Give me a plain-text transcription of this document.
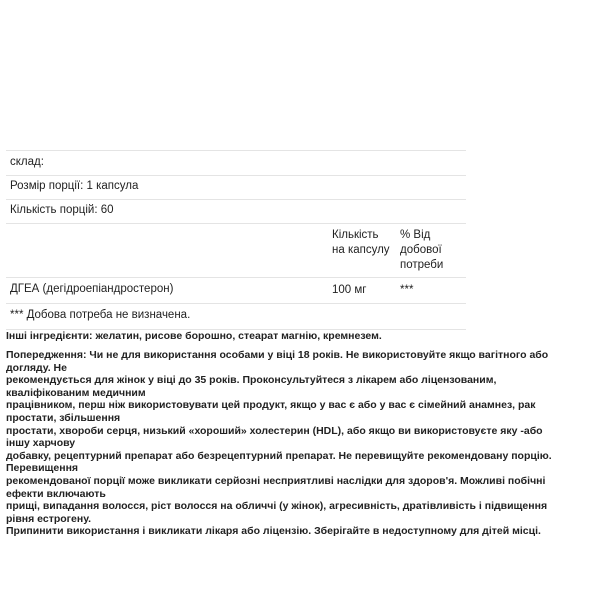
склад:
Розмір порції: 1 капсула
Кількість порцій: 60
Кількість на капсулу
% Від добової потреби
ДГЕА (дегідроепіандростерон)	100 мг	***
*** Добова потреба не визначена.
Інші інгредієнти: желатин, рисове борошно, стеарат магнію, кремнезем.
Попередження: Чи не для використання особами у віці 18 років. Не використовуйте якщо вагітного або догляду. Не
рекомендується для жінок у віці до 35 років. Проконсультуйтеся з лікарем або ліцензованим, кваліфікованим медичним
працівником, перш ніж використовувати цей продукт, якщо у вас є або у вас є сімейний анамнез, рак простати, збільшення
простати, хвороби серця, низький «хороший» холестерин (HDL), або якщо ви використовуєте яку -або іншу харчову
добавку, рецептурний препарат або безрецептурний препарат. Не перевищуйте рекомендовану порцію. Перевищення
рекомендованої порції може викликати серйозні несприятливі наслідки для здоров'я. Можливі побічні ефекти включають
прищі, випадання волосся, ріст волосся на обличчі (у жінок), агресивність, дратівливість і підвищення рівня естрогену.
Припинити використання і викликати лікаря або ліцензію. Зберігайте в недоступному для дітей місці.
